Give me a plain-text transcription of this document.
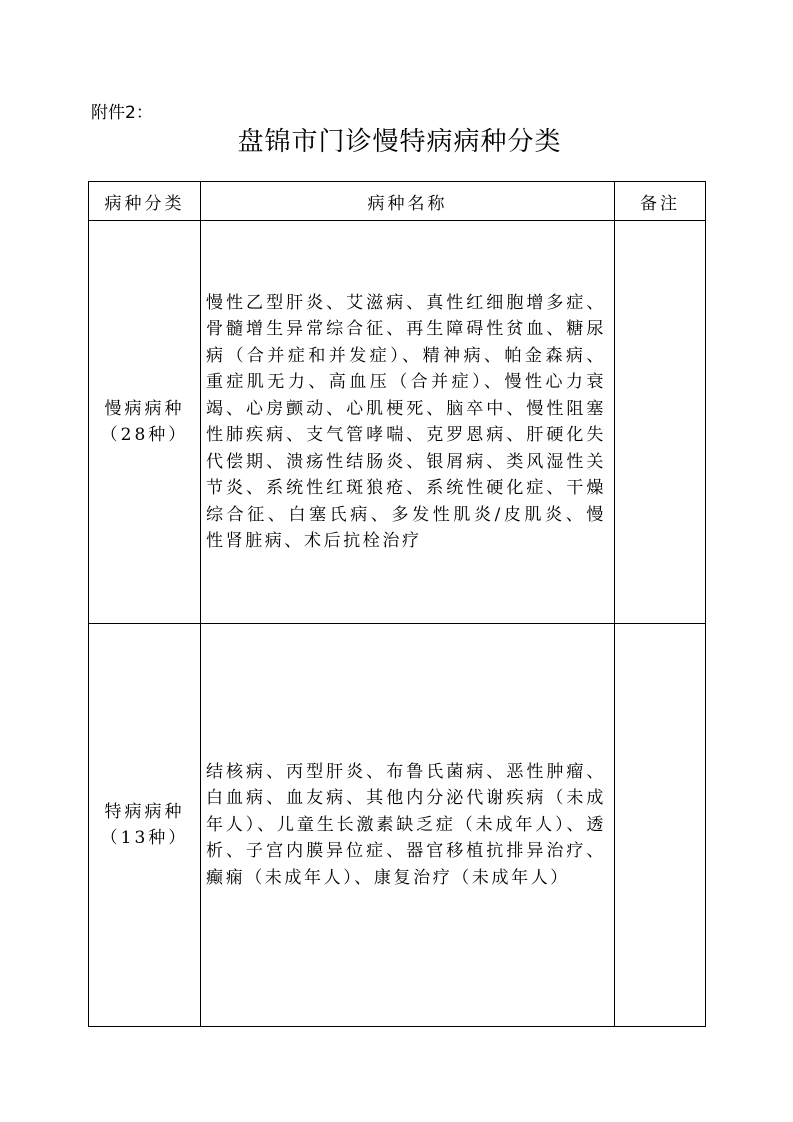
附件2：
盘锦市门诊慢特病病种分类
病种分类	病种名称	备注

慢病病种
（28种）	慢性乙型肝炎、艾滋病、真性红细胞增多症、骨髓增生异常综合征、再生障碍性贫血、糖尿病（合并症和并发症）、精神病、帕金森病、重症肌无力、高血压（合并症）、慢性心力衰竭、心房颤动、心肌梗死、脑卒中、慢性阻塞性肺疾病、支气管哮喘、克罗恩病、肝硬化失代偿期、溃疡性结肠炎、银屑病、类风湿性关节炎、系统性红斑狼疮、系统性硬化症、干燥综合征、白塞氏病、多发性肌炎/皮肌炎、慢性肾脏病、术后抗栓治疗	

特病病种
（13种）	结核病、丙型肝炎、布鲁氏菌病、恶性肿瘤、白血病、血友病、其他内分泌代谢疾病（未成年人）、儿童生长激素缺乏症（未成年人）、透析、子宫内膜异位症、器官移植抗排异治疗、癫痫（未成年人）、康复治疗（未成年人）	
